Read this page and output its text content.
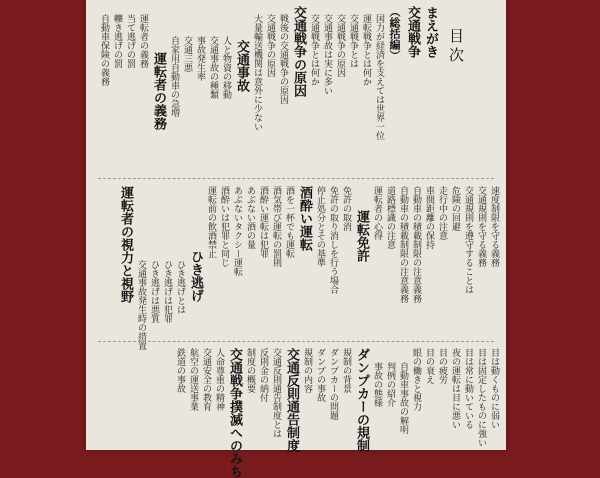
目次
まえがき
交通戦争
（総括編）
国力が経済を支えては世界一位
運転戦争とは何か
交通戦争とは
交通戦争の原因
交通事故は実に多い
交通戦争とは何か
交通戦争の原因
戦後の交通戦争の原因
交通戦争の原因
大量輸送機関は意外に少ない
交通事故
人と物資の移動
交通事故の種類
事故発生率
交通三悪
自家用自動車の急増
運転者の義務
運転者の義務
当て逃げの罰
轢き逃げの罰
自動車保険の義務
速度制限を守る義務
交通規則を守る義務
交通規則を遵守することは
危険の回避
走行中の注意
車間距離の保持
自動車の積載制限の注意義務
自動車の積載制限の注意義務
道路標識の注意
運転者の心得
運転免許
免許の取消
免許の取り消しを行う場合
停止処分とその基準
酒酔い運転
酒を一杯でも運転
酒気帯び運転の罰則
酒酔い運転は犯罪
あぶない酒の量
あぶないタクシー運転
酒酔いは犯罪と同じ
運転前の飲酒禁止
ひき逃げ
ひき逃げとは
ひき逃げは犯罪
ひき逃げは悪質
交通事故発生時の措置
運転者の視力と視野
目は動くものに弱い
目は固定したものに強い
目は常に動いている
夜の運転は目に悪い
目の疲労
目の衰え
眼の働きと視力
自動車事故の解明
判例の紹介
事故の態様
ダンプカーの規制
規制の背景
ダンプカーの問題
ダンプの事故
規制の内容
交通反則通告制度
交通反則通告制度とは
反則金の納付
制度の概要
交通戦争撲滅へのみち
人命尊重の精神
交通安全の教育
航空の運送事業
鉄道の事故
